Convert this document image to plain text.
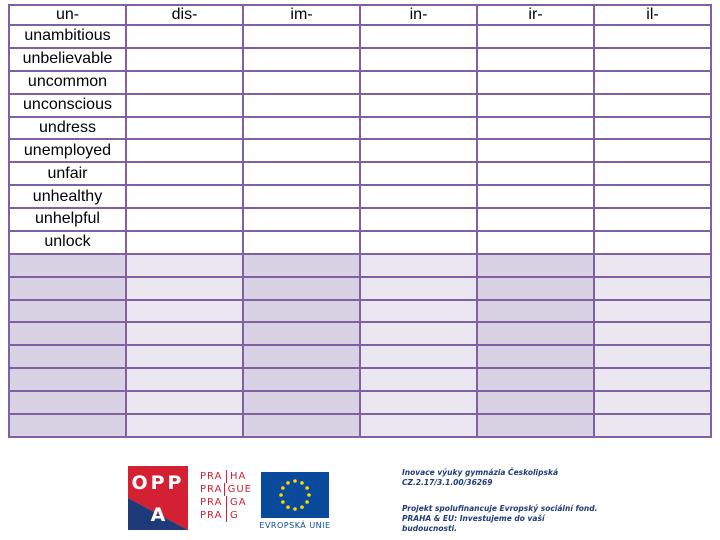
un-	dis-	im-	in-	ir-	il-
unambitious					
unbelievable					
uncommon					
unconscious					
undress					
unemployed					
unfair					
unhealthy					
unhelpful					
unlock					

OPP
A
PRA HA
PRA GUE
PRA GA
PRA G
EVROPSKÁ UNIE
Inovace výuky gymnázia Českolipská
CZ.2.17/3.1.00/36269
Projekt spolufinancuje Evropský sociální fond.
PRAHA & EU: Investujeme do vaší budoucnosti.
